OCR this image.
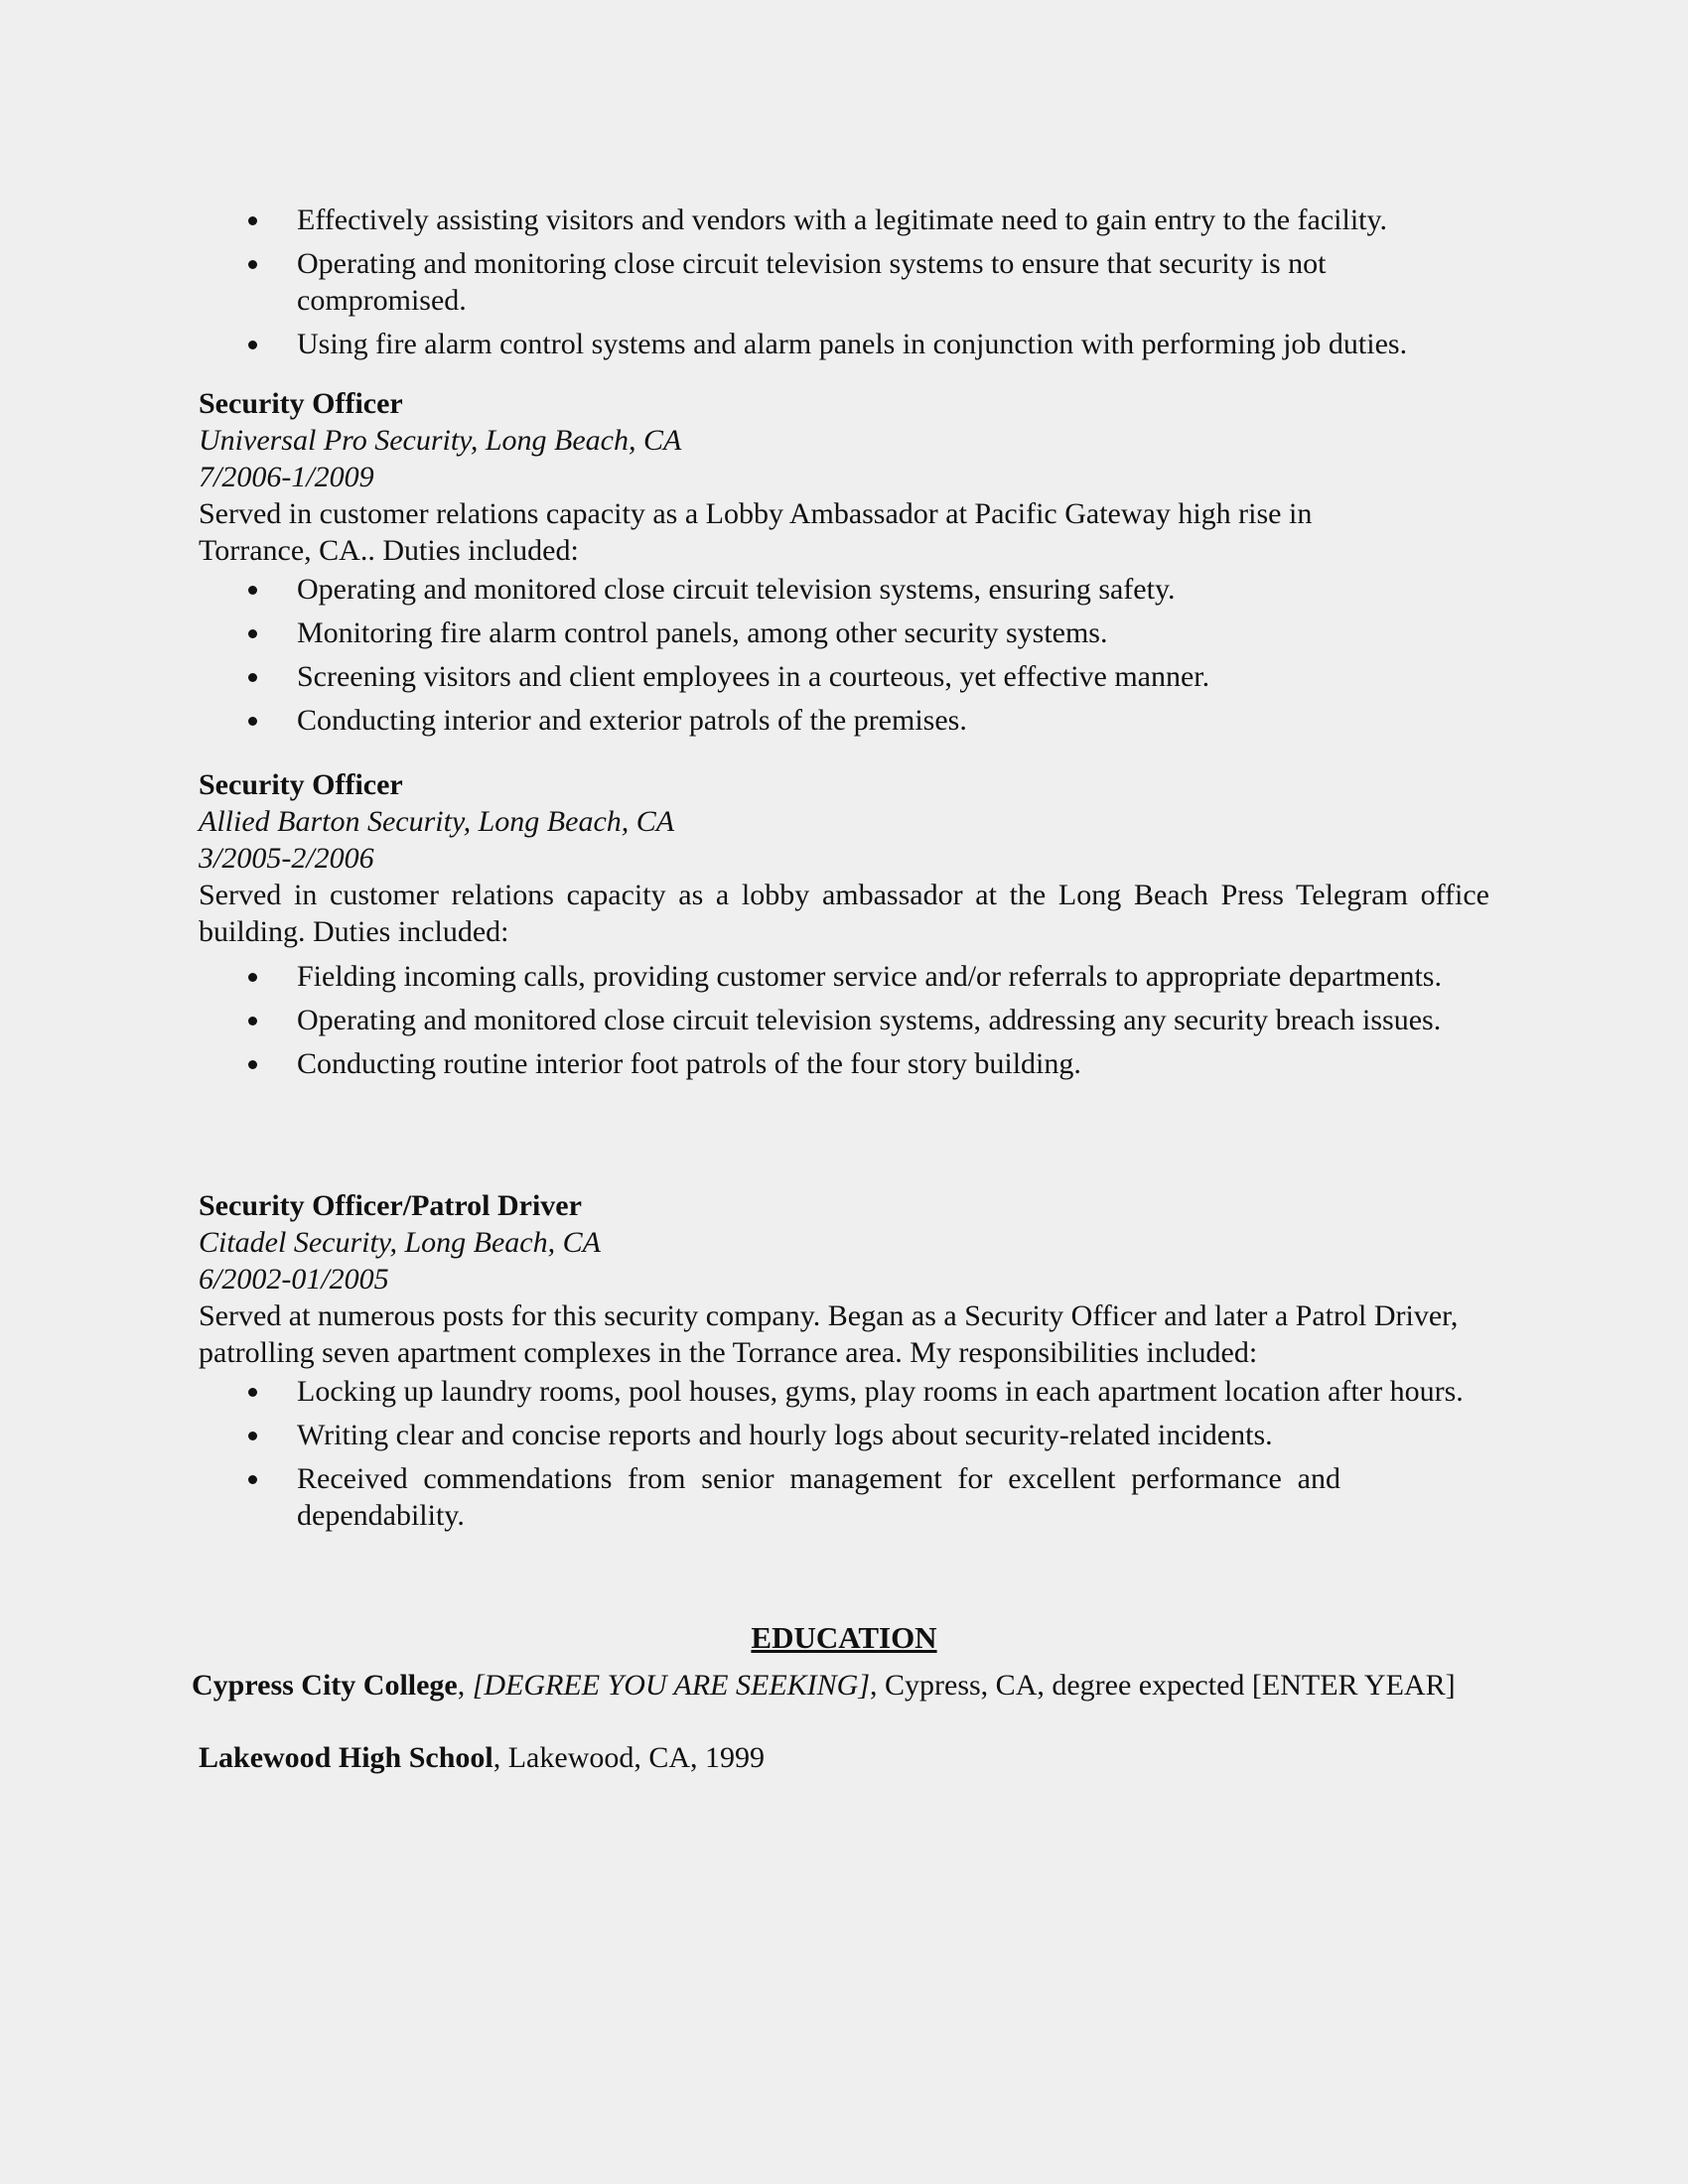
Effectively assisting visitors and vendors with a legitimate need to gain entry to the facility.
Operating and monitoring close circuit television systems to ensure that security is not compromised.
Using fire alarm control systems and alarm panels in conjunction with performing job duties.
Security Officer
Universal Pro Security, Long Beach, CA
7/2006-1/2009
Served in customer relations capacity as a Lobby Ambassador at Pacific Gateway high rise in Torrance, CA.. Duties included:
Operating and monitored close circuit television systems, ensuring safety.
Monitoring fire alarm control panels, among other security systems.
Screening visitors and client employees in a courteous, yet effective manner.
Conducting interior and exterior patrols of the premises.
Security Officer
Allied Barton Security, Long Beach, CA
3/2005-2/2006
Served in customer relations capacity as a lobby ambassador at the Long Beach Press Telegram office building. Duties included:
Fielding incoming calls, providing customer service and/or referrals to appropriate departments.
Operating and monitored close circuit television systems, addressing any security breach issues.
Conducting routine interior foot patrols of the four story building.
Security Officer/Patrol Driver
Citadel Security, Long Beach, CA
6/2002-01/2005
Served at numerous posts for this security company. Began as a Security Officer and later a Patrol Driver, patrolling seven apartment complexes in the Torrance area. My responsibilities included:
Locking up laundry rooms, pool houses, gyms, play rooms in each apartment location after hours.
Writing clear and concise reports and hourly logs about security-related incidents.
Received commendations from senior management for excellent performance and dependability.
EDUCATION
Cypress City College, [DEGREE YOU ARE SEEKING], Cypress, CA, degree expected [ENTER YEAR]
Lakewood High School, Lakewood, CA, 1999
